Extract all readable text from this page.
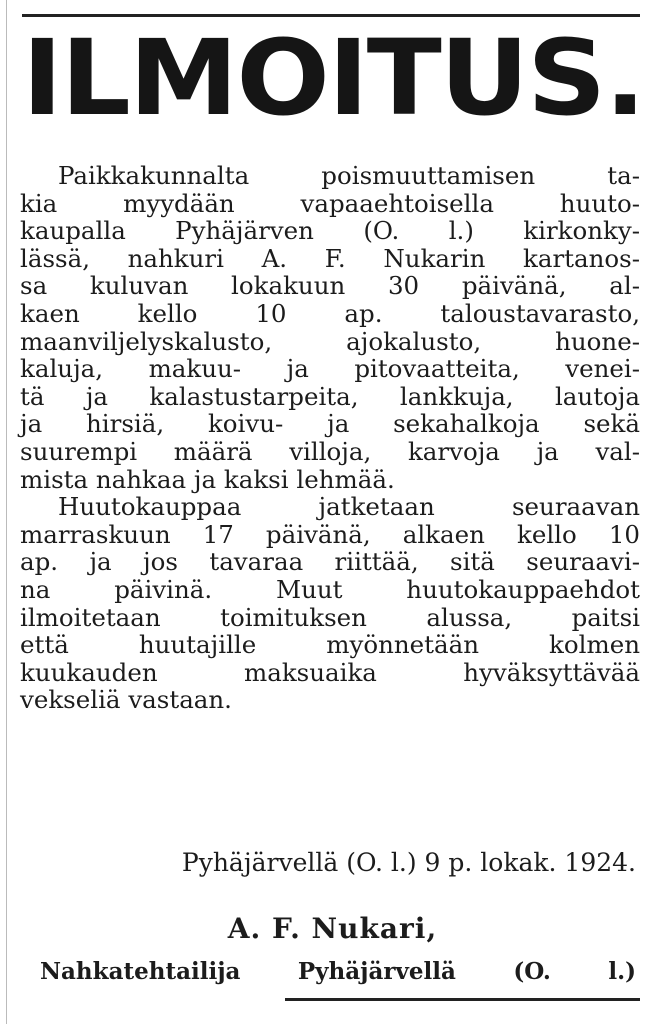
ILMOITUS.
Paikkakunnalta poismuuttamisen ta-
kia myydään vapaaehtoisella huuto-
kaupalla Pyhäjärven (O. l.) kirkonky-
lässä, nahkuri A. F. Nukarin kartanos-
sa kuluvan lokakuun 30 päivänä, al-
kaen kello 10 ap. taloustavarasto,
maanviljelyskalusto, ajokalusto, huone-
kaluja, makuu- ja pitovaatteita, venei-
tä ja kalastustarpeita, lankkuja, lautoja
ja hirsiä, koivu- ja sekahalkoja sekä
suurempi määrä villoja, karvoja ja val-
mista nahkaa ja kaksi lehmää.
Huutokauppaa jatketaan seuraavan
marraskuun 17 päivänä, alkaen kello 10
ap. ja jos tavaraa riittää, sitä seuraavi-
na päivinä. Muut huutokauppaehdot
ilmoitetaan toimituksen alussa, paitsi
että huutajille myönnetään kolmen
kuukauden maksuaika hyväksyttävää
vekseliä vastaan.
Pyhäjärvellä (O. l.) 9 p. lokak. 1924.
A. F. Nukari,
Nahkatehtailija Pyhäjärvellä (O. l.)
